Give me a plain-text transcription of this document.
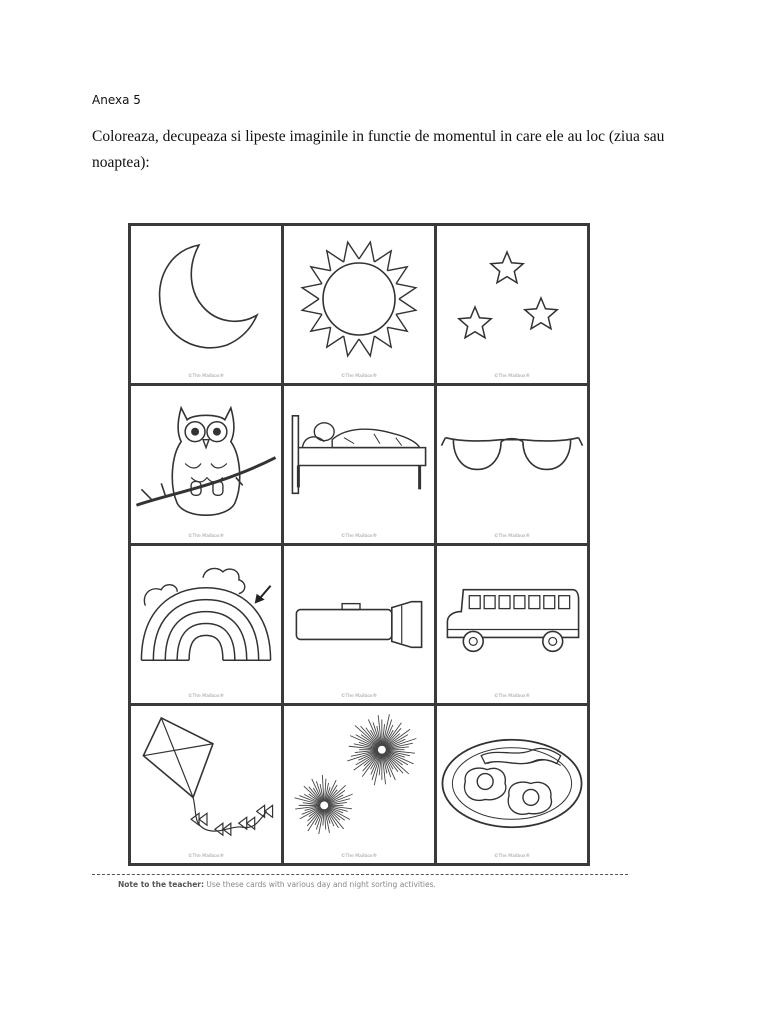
Anexa 5
Coloreaza, decupeaza si lipeste imaginile in functie de momentul in care ele au loc (ziua sau noaptea):
©The Mailbox®	©The Mailbox®	©The Mailbox®
©The Mailbox®	©The Mailbox®	©The Mailbox®
©The Mailbox®	©The Mailbox®	©The Mailbox®
©The Mailbox®	©The Mailbox®	©The Mailbox®
Note to the teacher: Use these cards with various day and night sorting activities.
